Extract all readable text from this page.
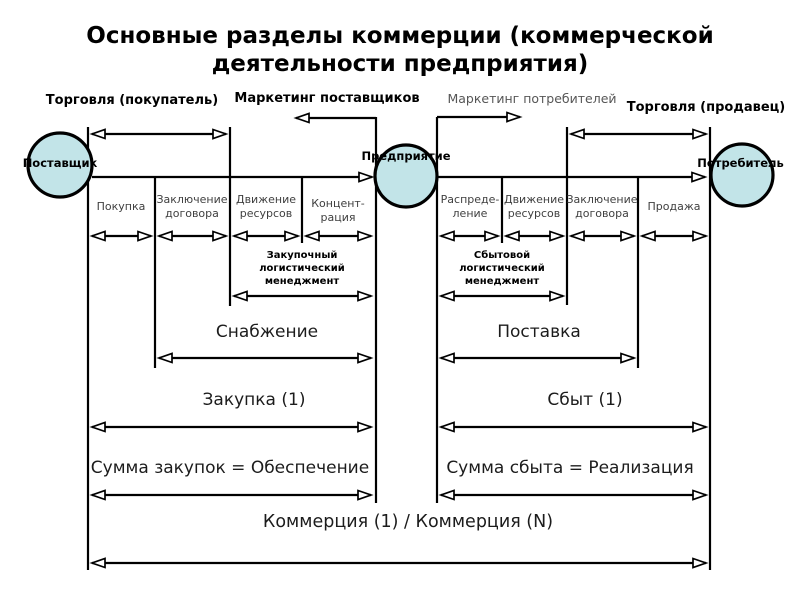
Основные разделы коммерции (коммерческой деятельности предприятия)
Торговля (покупатель)	Маркетинг поставщиков	Маркетинг потребителей
Торговля (продавец)
Поставщик	Предприятие	Потребитель
Покупка
Заключение договора
Движение ресурсов
Концент-рация
Распреде-ление
Движение ресурсов
Заключение договора
Продажа
Закупочный логистический менеджмент
Сбытовой логистический менеджмент
Снабжение	Поставка
Закупка (1)	Сбыт (1)
Сумма закупок = Обеспечение	Сумма сбыта = Реализация
Коммерция (1) / Коммерция (N)
